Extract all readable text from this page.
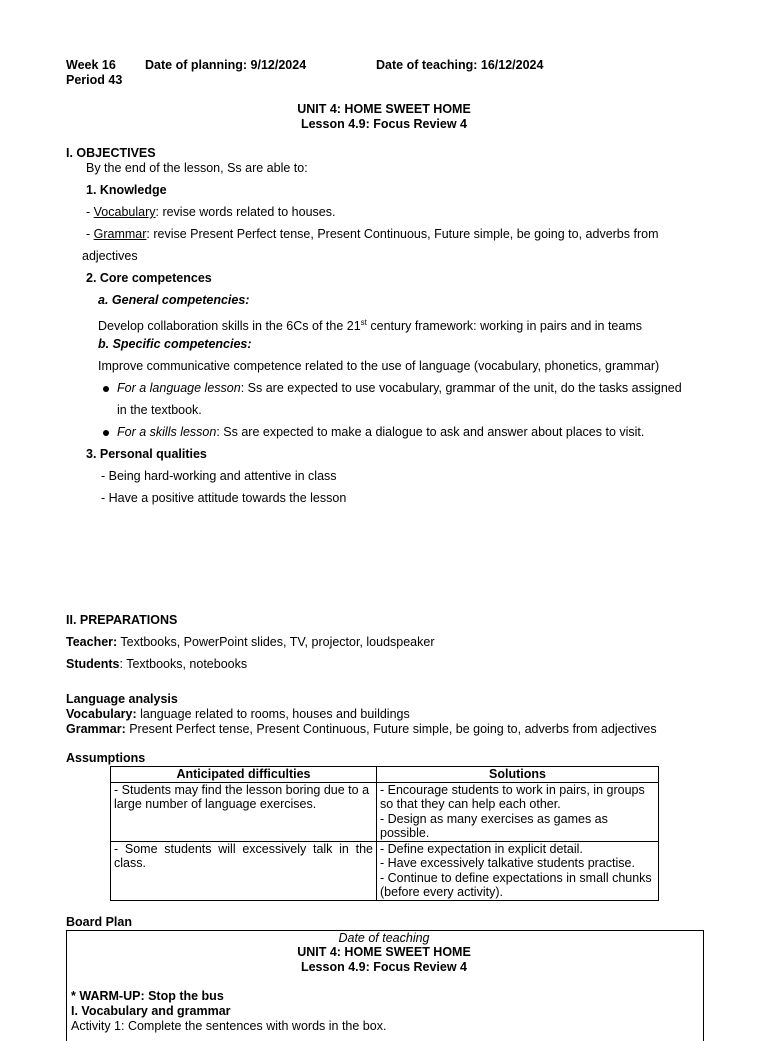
Week 16 Date of planning: 9/12/2024	Date of teaching: 16/12/2024
Period 43
UNIT 4: HOME SWEET HOME
Lesson 4.9: Focus Review 4
I. OBJECTIVES
By the end of the lesson, Ss are able to:
1. Knowledge
- Vocabulary: revise words related to houses.
- Grammar: revise Present Perfect tense, Present Continuous, Future simple, be going to, adverbs from
adjectives
2. Core competences
a. General competencies:
Develop collaboration skills in the 6Cs of the 21st century framework: working in pairs and in teams
b. Specific competencies:
Improve communicative competence related to the use of language (vocabulary, phonetics, grammar)
For a language lesson: Ss are expected to use vocabulary, grammar of the unit, do the tasks assigned
in the textbook.
For a skills lesson: Ss are expected to make a dialogue to ask and answer about places to visit.
3. Personal qualities
- Being hard-working and attentive in class
- Have a positive attitude towards the lesson
II. PREPARATIONS
Teacher: Textbooks, PowerPoint slides, TV, projector, loudspeaker
Students: Textbooks, notebooks
Language analysis
Vocabulary: language related to rooms, houses and buildings
Grammar: Present Perfect tense, Present Continuous, Future simple, be going to, adverbs from adjectives
Assumptions
Anticipated difficulties	Solutions
- Students may find the lesson boring due to a large number of language exercises.	- Encourage students to work in pairs, in groups so that they can help each other.
- Design as many exercises as games as possible.

- Some students will excessively talk in the class.	- Define expectation in explicit detail.
- Have excessively talkative students practise.
- Continue to define expectations in small chunks (before every activity).
Board Plan
Date of teaching
UNIT 4: HOME SWEET HOME
Lesson 4.9: Focus Review 4
* WARM-UP: Stop the bus
I. Vocabulary and grammar
Activity 1: Complete the sentences with words in the box.
